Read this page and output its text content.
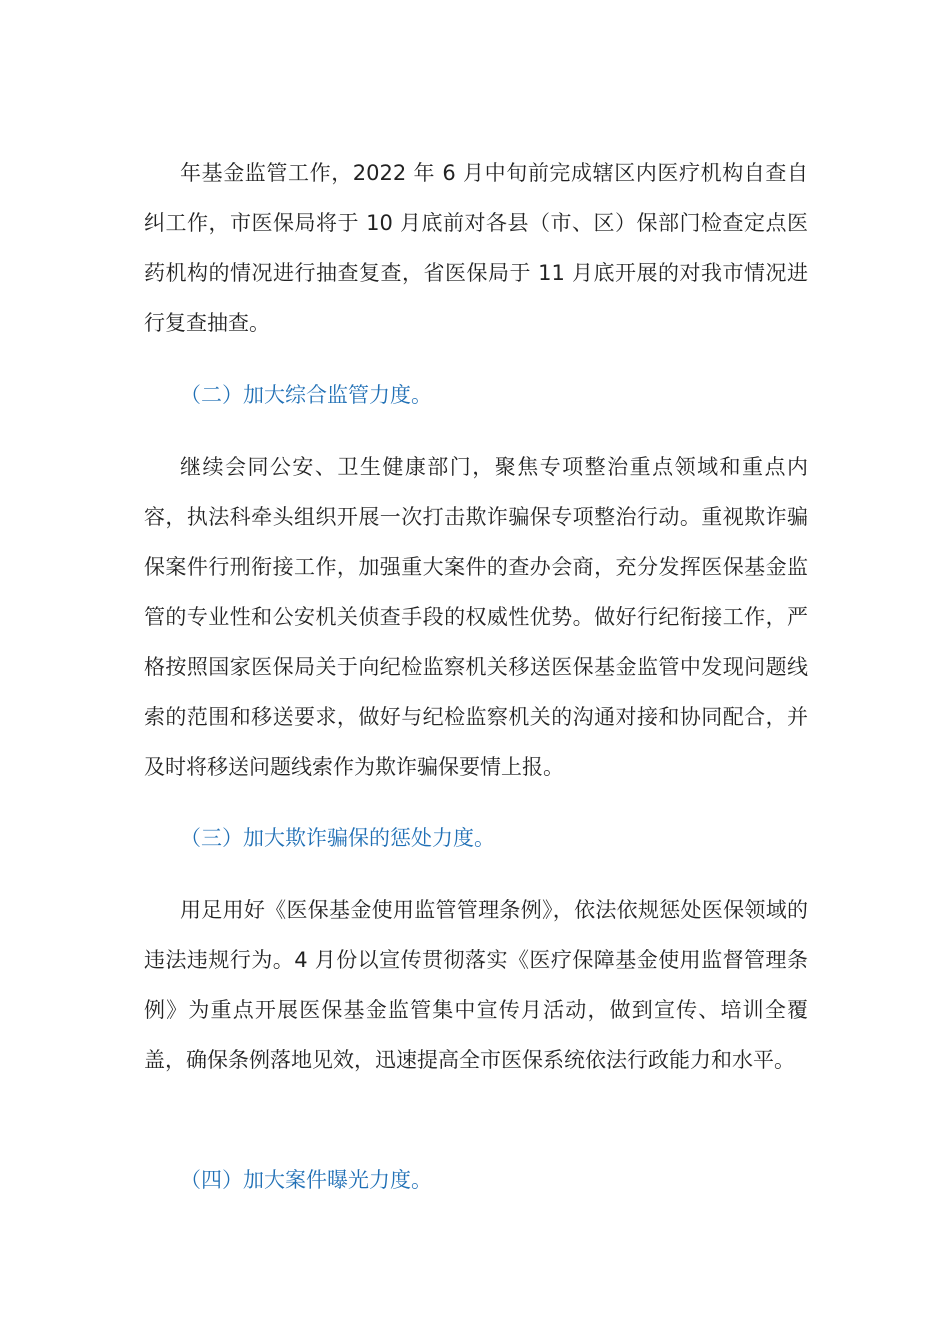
年基金监管工作，2022 年 6 月中旬前完成辖区内医疗机构自查自纠工作，市医保局将于 10 月底前对各县（市、区）保部门检查定点医药机构的情况进行抽查复查，省医保局于 11 月底开展的对我市情况进行复查抽查。

（二）加大综合监管力度。

继续会同公安、卫生健康部门，聚焦专项整治重点领域和重点内容，执法科牵头组织开展一次打击欺诈骗保专项整治行动。重视欺诈骗保案件行刑衔接工作，加强重大案件的查办会商，充分发挥医保基金监管的专业性和公安机关侦查手段的权威性优势。做好行纪衔接工作，严格按照国家医保局关于向纪检监察机关移送医保基金监管中发现问题线索的范围和移送要求，做好与纪检监察机关的沟通对接和协同配合，并及时将移送问题线索作为欺诈骗保要情上报。

（三）加大欺诈骗保的惩处力度。

用足用好《医保基金使用监管管理条例》，依法依规惩处医保领域的违法违规行为。4 月份以宣传贯彻落实《医疗保障基金使用监督管理条例》为重点开展医保基金监管集中宣传月活动，做到宣传、培训全覆盖，确保条例落地见效，迅速提高全市医保系统依法行政能力和水平。

（四）加大案件曝光力度。
